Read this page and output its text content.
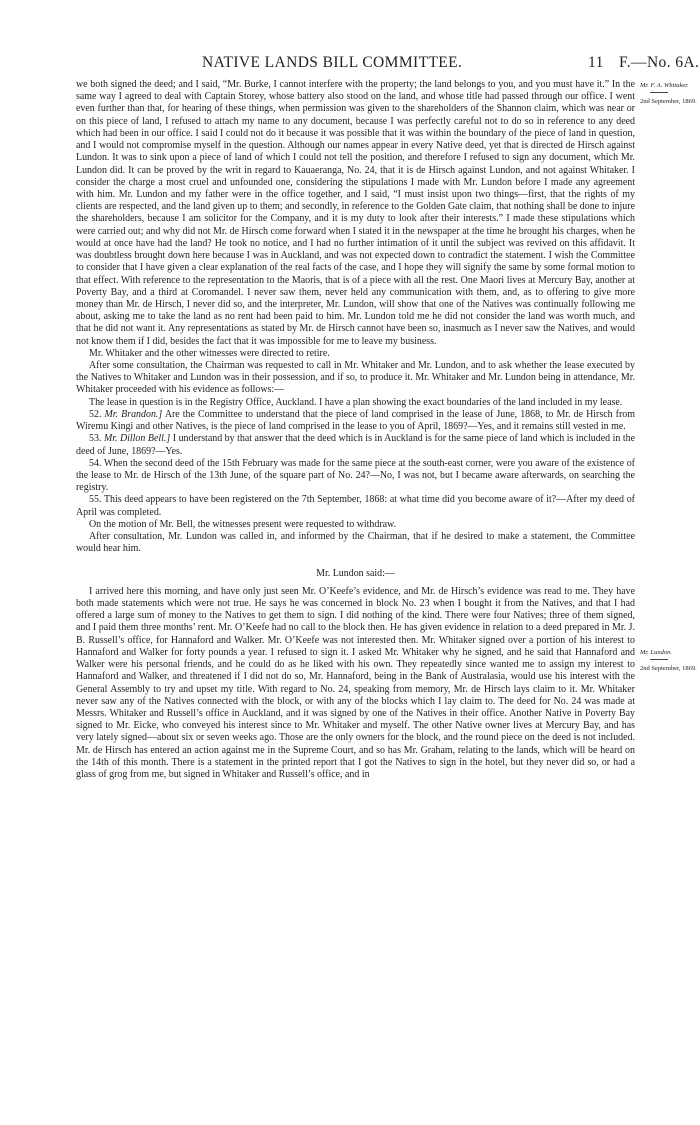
NATIVE LANDS BILL COMMITTEE.	11 F.—No. 6A.
Mr. F. A. Whitaker.
2nd September, 1869.
Mr. Lundon.
2nd September, 1869.

we both signed the deed; and I said, “Mr. Burke, I cannot interfere with the property; the land belongs to you, and you must have it.” In the same way I agreed to deal with Captain Storey, whose battery also stood on the land, and whose title had passed through our office. I went even further than that, for hearing of these things, when permission was given to the shareholders of the Shannon claim, which was near or on this piece of land, I refused to attach my name to any document, because I was perfectly careful not to do so in reference to any deed which had been in our office. I said I could not do it because it was possible that it was within the boundary of the piece of land in question, and I would not compromise myself in the question. Although our names appear in every Native deed, yet that is directed de Hirsch against Lundon. It was to sink upon a piece of land of which I could not tell the position, and therefore I refused to sign any document, which Mr. Lundon did. It can be proved by the writ in regard to Kauaeranga, No. 24, that it is de Hirsch against Lundon, and not against Whitaker. I consider the charge a most cruel and unfounded one, considering the stipulations I made with Mr. Lundon before I made any agreement with him. Mr. Lundon and my father were in the office together, and I said, “I must insist upon two things—first, that the rights of my clients are respected, and the land given up to them; and secondly, in reference to the Golden Gate claim, that nothing shall be done to injure the shareholders, because I am solicitor for the Company, and it is my duty to look after their interests.” I made these stipulations which were carried out; and why did not Mr. de Hirsch come forward when I stated it in the newspaper at the time he brought his charges, when he would at once have had the land? He took no notice, and I had no further intimation of it until the subject was revived on this affidavit. It was doubtless brought down here because I was in Auckland, and was not expected down to contradict the statement. I wish the Committee to consider that I have given a clear explanation of the real facts of the case, and I hope they will signify the same by some formal motion to that effect. With reference to the representation to the Maoris, that is of a piece with all the rest. One Maori lives at Mercury Bay, another at Poverty Bay, and a third at Coromandel. I never saw them, never held any communication with them, and, as to offering to give more money than Mr. de Hirsch, I never did so, and the interpreter, Mr. Lundon, will show that one of the Natives was continually following me about, asking me to take the land as no rent had been paid to him. Mr. Lundon told me he did not consider the land was worth much, and that he did not want it. Any representations as stated by Mr. de Hirsch cannot have been so, inasmuch as I never saw the Natives, and would not know them if I did, besides the fact that it was impossible for me to leave my business.

Mr. Whitaker and the other witnesses were directed to retire.

After some consultation, the Chairman was requested to call in Mr. Whitaker and Mr. Lundon, and to ask whether the lease executed by the Natives to Whitaker and Lundon was in their possession, and if so, to produce it. Mr. Whitaker and Mr. Lundon being in attendance, Mr. Whitaker proceeded with his evidence as follows:—

The lease in question is in the Registry Office, Auckland. I have a plan showing the exact boundaries of the land included in my lease.

52. Mr. Brandon.] Are the Committee to understand that the piece of land comprised in the lease of June, 1868, to Mr. de Hirsch from Wiremu Kingi and other Natives, is the piece of land comprised in the lease to you of April, 1869?—Yes, and it remains still vested in me.

53. Mr. Dillon Bell.] I understand by that answer that the deed which is in Auckland is for the same piece of land which is included in the deed of June, 1869?—Yes.

54. When the second deed of the 15th February was made for the same piece at the south-east corner, were you aware of the existence of the lease to Mr. de Hirsch of the 13th June, of the square part of No. 24?—No, I was not, but I became aware afterwards, on searching the registry.

55. This deed appears to have been registered on the 7th September, 1868: at what time did you become aware of it?—After my deed of April was completed.

On the motion of Mr. Bell, the witnesses present were requested to withdraw.

After consultation, Mr. Lundon was called in, and informed by the Chairman, that if he desired to make a statement, the Committee would hear him.

Mr. Lundon said:—

I arrived here this morning, and have only just seen Mr. O’Keefe’s evidence, and Mr. de Hirsch’s evidence was read to me. They have both made statements which were not true. He says he was concerned in block No. 23 when I bought it from the Natives, and that I had offered a large sum of money to the Natives to get them to sign. I did nothing of the kind. There were four Natives; three of them signed, and I paid them three months’ rent. Mr. O’Keefe had no call to the block then. He has given evidence in relation to a deed prepared in Mr. J. B. Russell’s office, for Hannaford and Walker. Mr. O’Keefe was not interested then. Mr. Whitaker signed over a portion of his interest to Hannaford and Walker for forty pounds a year. I refused to sign it. I asked Mr. Whitaker why he signed, and he said that Hannaford and Walker were his personal friends, and he could do as he liked with his own. They repeatedly since wanted me to assign my interest to Hannaford and Walker, and threatened if I did not do so, Mr. Hannaford, being in the Bank of Australasia, would use his interest with the General Assembly to try and upset my title. With regard to No. 24, speaking from memory, Mr. de Hirsch lays claim to it. Mr. Whitaker never saw any of the Natives connected with the block, or with any of the blocks which I lay claim to. The deed for No. 24 was made at Messrs. Whitaker and Russell’s office in Auckland, and it was signed by one of the Natives in their office. Another Native in Poverty Bay signed to Mr. Eicke, who conveyed his interest since to Mr. Whitaker and myself. The other Native owner lives at Mercury Bay, and has very lately signed—about six or seven weeks ago. Those are the only owners for the block, and the round piece on the deed is not included. Mr. de Hirsch has entered an action against me in the Supreme Court, and so has Mr. Graham, relating to the lands, which will be heard on the 14th of this month. There is a statement in the printed report that I got the Natives to sign in the hotel, but they never did so, or had a glass of grog from me, but signed in Whitaker and Russell’s office, and in
